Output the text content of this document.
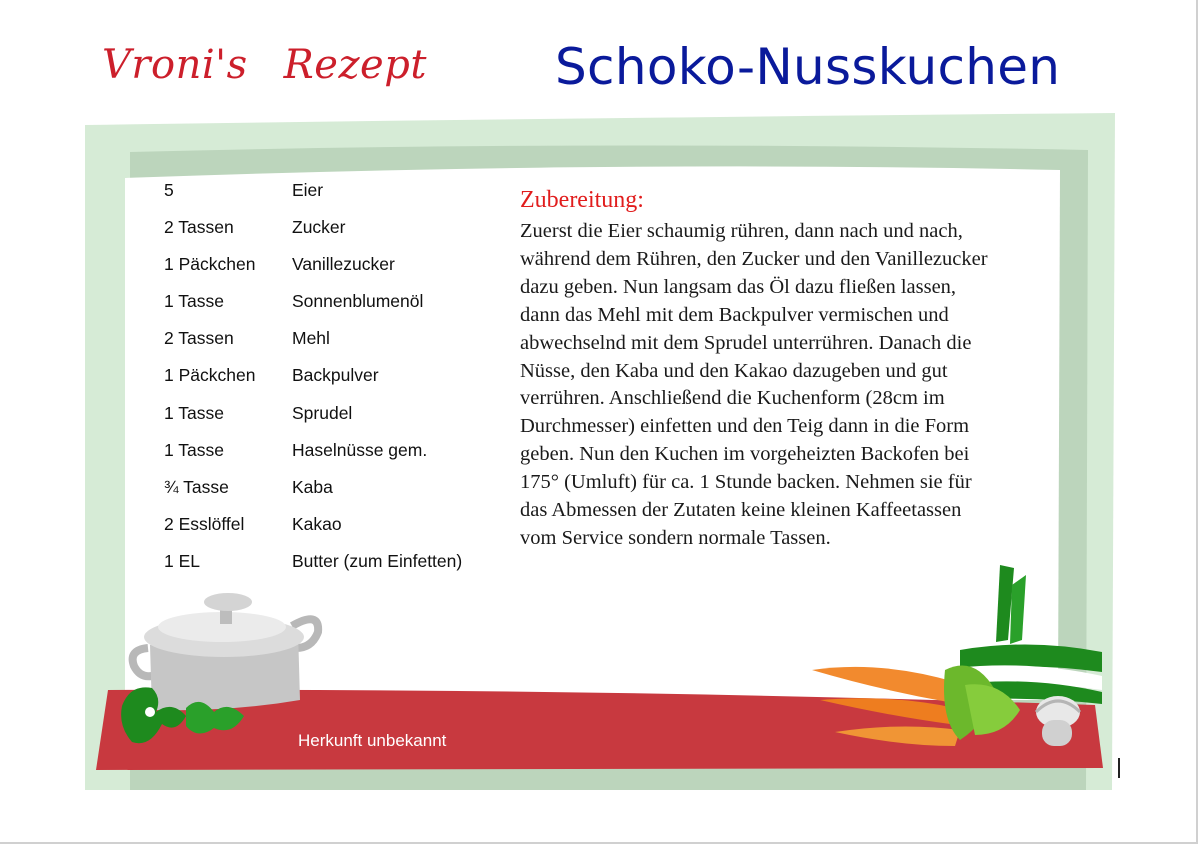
Vroni's Rezept	Schoko-Nusskuchen
5	Eier
2 Tassen	Zucker
1 Päckchen	Vanillezucker
1 Tasse	Sonnenblumenöl
2 Tassen	Mehl
1 Päckchen	Backpulver
1 Tasse	Sprudel
1 Tasse	Haselnüsse gem.
¾ Tasse	Kaba
2 Esslöffel	Kakao
1 EL	Butter (zum Einfetten)
Zubereitung:

Zuerst die Eier schaumig rühren, dann nach und nach, während dem Rühren, den Zucker und den Vanillezucker dazu geben. Nun langsam das Öl dazu fließen lassen, dann das Mehl mit dem Backpulver vermischen und abwechselnd mit dem Sprudel unterrühren. Danach die Nüsse, den Kaba und den Kakao dazugeben und gut verrühren. Anschließend die Kuchenform (28cm im Durchmesser) einfetten und den Teig dann in die Form geben. Nun den Kuchen im vorgeheizten Backofen bei 175° (Umluft) für ca. 1 Stunde backen. Nehmen sie für das Abmessen der Zutaten keine kleinen Kaffeetassen vom Service sondern normale Tassen.

Herkunft unbekannt
